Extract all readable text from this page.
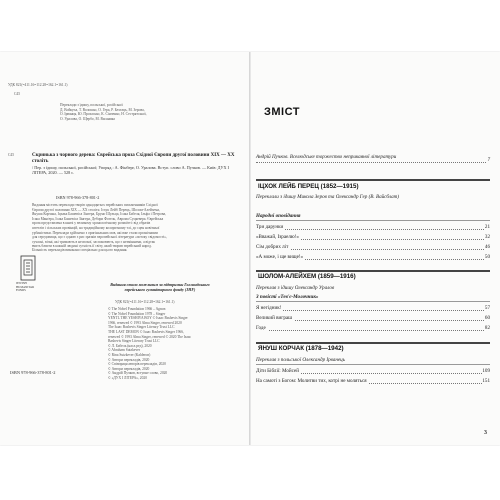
УДК 821(=411.16=112.28=162.1=161.1)
С45
Переклади з їдишу, польської, російської
Д. Войцеха, Т. Волошко, О. Гера, Р. Бехтаць, М. Зерова,
О. Ірванця, Ю. Прохасько, К. Сінченко, Н. Сестрятської,
О. Уралова, О. Щербо, М. Васяника
С45	Скринька з чорного дерева: Єврейська проза Східної Європи другої половини ХІХ — ХХ століть
/ Пер. з їдишу, польської, російської; Упоряд.: А. Фінберг, О. Уралова. Вступ. слово А. Пучков. — Київ: ДУХ І ЛІТЕРА, 2020. — 528 с.
ISBN 978-966-378-801-2
Видання містить переклади творів однадцятьох єврейських письменників Східної
Європи другої половини ХІХ — ХХ століть: Ієхук Лейб Перець, Шолом-Алейхема,
Януша Корчака, Іцхака Башевіса Зінгера, Бруно Шульца, Ісака Бабеля, Ільфа і Петрова,
Ісака Манґера, Ісака Башевіса Зінгера, Дебори Фогель, Аврома Суцкевера. Єврейська
проза представлена в книзі у великому хронологічному розмаїтті: від образів
штетлів і сільських провінцій, на традиційному колоритному тлі, до сцен новітньої
урбаністики. Переклади здійснено з оригінальних мов, які вже стали органічними
для середовища, що є одною з рис зразків європейської літератури «потоку свідомості»,
сучасні, вічні, які тримають в неспокої, заспокоюють, що є незмінними, а відтак
вчить бачити в кожній людині сутність її світу, який творив єврейський народ.
Більшість перекладів виконано спеціально для цього видання.
JEWISH
HUMANITAR
FONDS
Видання стало можливим за підтримки Голландського
єврейського гуманітарного фонду (JHF)
УДК 821(=411.16=112.28=162.1=161.1)
© The Nobel Foundation 1966 – Agnon
© The Nobel Foundation 1978 – Singer
YENTL THE YESHIVA BOY © Isaac Bashevis Singer
1966, renewed © 1993 Alma Singer, renewed 2020
The Isaac Bashevis Singer Literary Trust LLC
THE LAST DEMON © Isaac Bashevis Singer 1966,
renewed © 1993 Alma Singer, renewed © 2020 The Isaac
Bashevis Singer Literary Trust LLC
© Л. Бабель (насл.ред), 2020
© Abraham Sutzkever
© Rina Sutzkever (Kalderon)
© Автори перекладів, 2020
© Співпраця авторів перекладів, 2020
© Автори перекладів, 2020
© Андрій Пучков, вступне слово, 2020
© «ДУХ І ЛІТЕРА», 2020
ISBN 978-966-378-801-2
ЗМІСТ
Андрій Пучков. Вселюдське торжество неприкаяної літератури	7
ІЦХОК ЛЕЙБ ПЕРЕЦ (1852—1915)
Переклали з ідишу Микола Зеров та Олександр Гер (В. Вайсблат)
Народні оповідання
Три дарунки	21
«Вважай, Ізраелю!»	32
Сім добрих літ	46
«А може, і ще вище!»	50
ШОЛОМ-АЛЕЙХЕМ (1859—1916)
Переклав з ідишу Олександр Уралов
З повісті «Тев'є-Молочник»
Я негідник!	57
Великий виграш	60
Годе	82
ЯНУШ КОРЧАК (1878—1942)
Переклав з польської Олександр Ірванець
Діти Біблії: Мойсей	109
На самоті з Богом: Молитви тих, котрі не моляться	151
3
